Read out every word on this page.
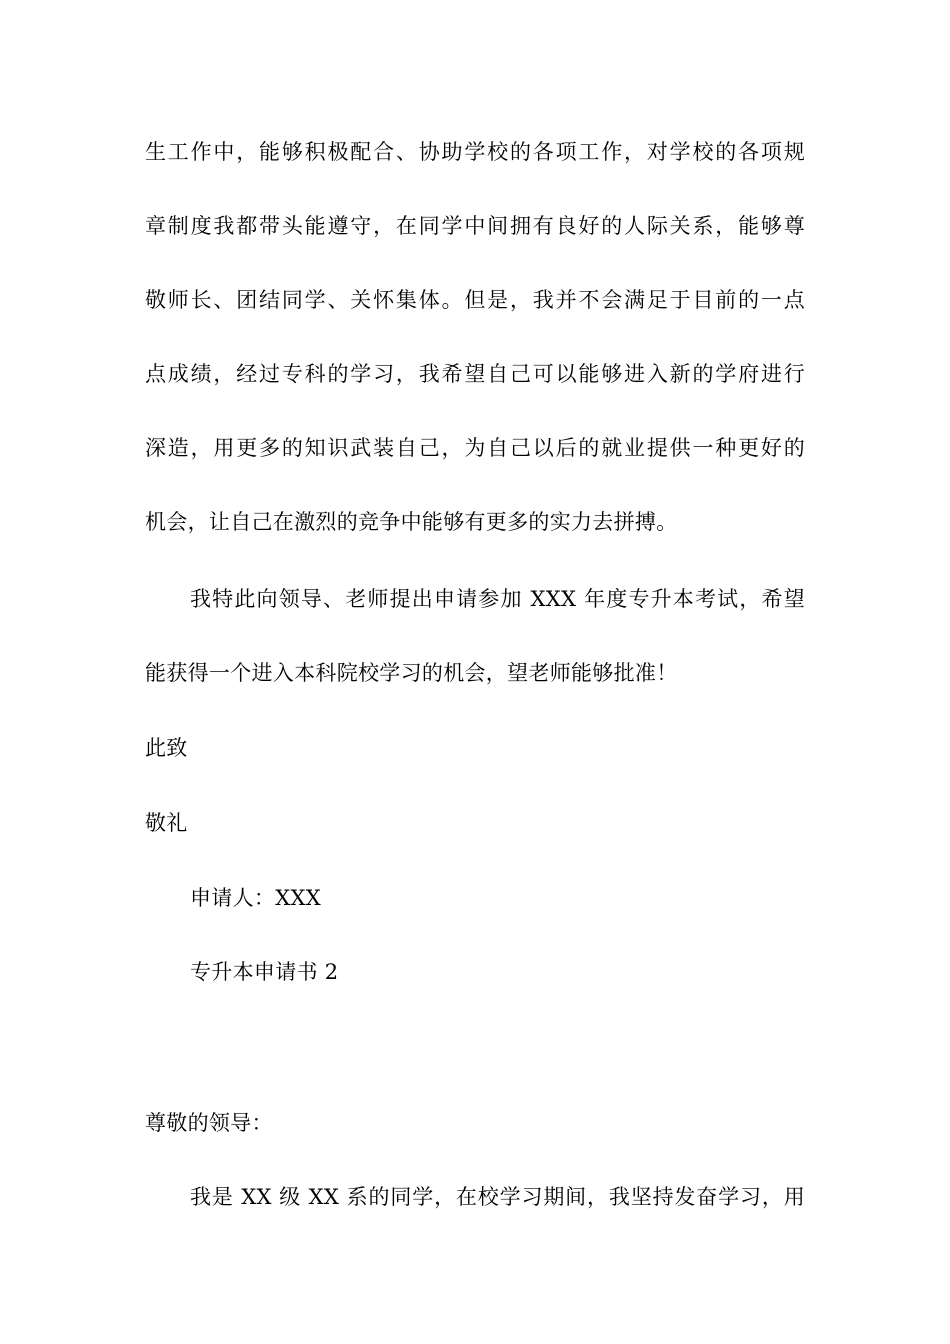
生工作中，能够积极配合、协助学校的各项工作，对学校的各项规
章制度我都带头能遵守，在同学中间拥有良好的人际关系，能够尊
敬师长、团结同学、关怀集体。但是，我并不会满足于目前的一点
点成绩，经过专科的学习，我希望自己可以能够进入新的学府进行
深造，用更多的知识武装自己，为自己以后的就业提供一种更好的
机会，让自己在激烈的竞争中能够有更多的实力去拼搏。
我特此向领导、老师提出申请参加 XXX 年度专升本考试，希望
能获得一个进入本科院校学习的机会，望老师能够批准！
此致
敬礼
申请人：XXX
专升本申请书 2
尊敬的领导：
我是 XX 级 XX 系的同学，在校学习期间，我坚持发奋学习，用
